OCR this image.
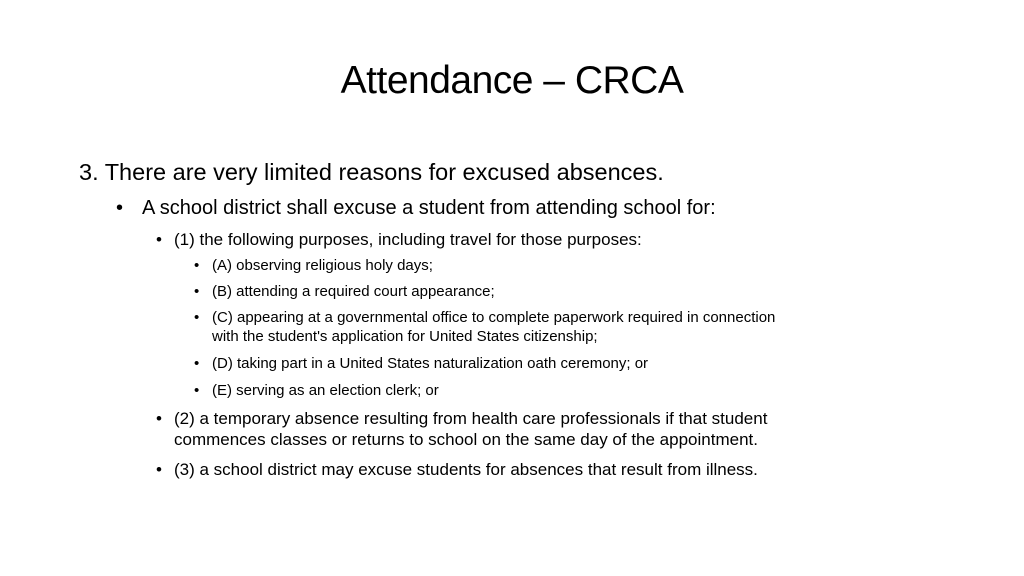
Attendance – CRCA
3. There are very limited reasons for excused absences.
• A school district shall excuse a student from attending school for:
• (1) the following purposes, including travel for those purposes:
• (A) observing religious holy days;
• (B) attending a required court appearance;
• (C) appearing at a governmental office to complete paperwork required in connection
with the student's application for United States citizenship;
• (D) taking part in a United States naturalization oath ceremony; or
• (E) serving as an election clerk; or
• (2) a temporary absence resulting from health care professionals if that student
commences classes or returns to school on the same day of the appointment.
• (3) a school district may excuse students for absences that result from illness.
